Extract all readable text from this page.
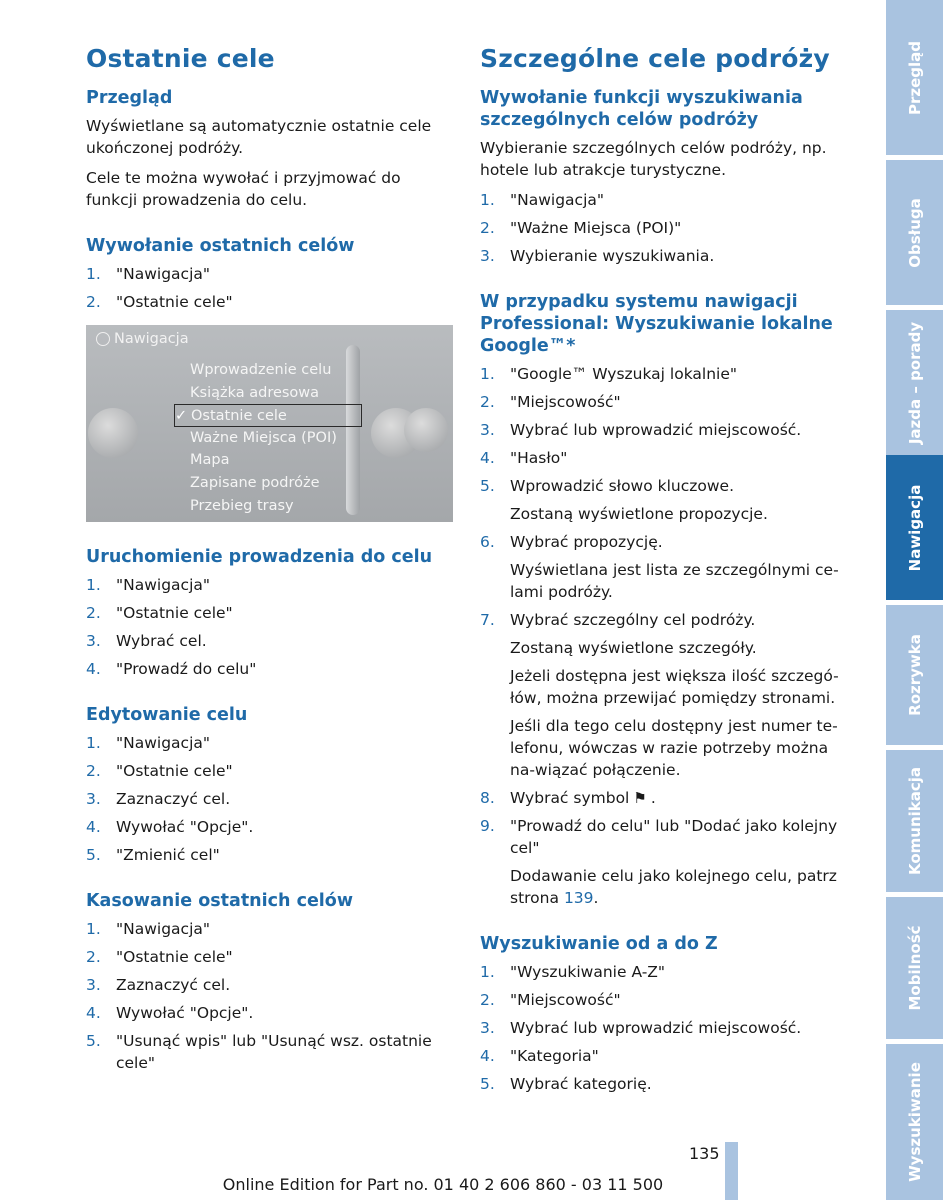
Ostatnie cele
Przegląd

Wyświetlane są automatycznie ostatnie cele ukończonej podróży.

Cele te można wywołać i przyjmować do funkcji prowadzenia do celu.

Wywołanie ostatnich celów
1. "Nawigacja"
2. "Ostatnie cele"
Nawigacja
Wprowadzenie celu
Książka adresowa
✓ Ostatnie cele
Ważne Miejsca (POI)
Mapa
Zapisane podróże
Przebieg trasy
Uruchomienie prowadzenia do celu
1. "Nawigacja"
2. "Ostatnie cele"
3. Wybrać cel.
4. "Prowadź do celu"
Edytowanie celu
1. "Nawigacja"
2. "Ostatnie cele"
3. Zaznaczyć cel.
4. Wywołać "Opcje".
5. "Zmienić cel"
Kasowanie ostatnich celów
1. "Nawigacja"
2. "Ostatnie cele"
3. Zaznaczyć cel.
4. Wywołać "Opcje".
5. "Usunąć wpis" lub "Usunąć wsz. ostatnie cele"
Szczególne cele podróży
Wywołanie funkcji wyszukiwania szczególnych celów podróży

Wybieranie szczególnych celów podróży, np. hotele lub atrakcje turystyczne.

1. "Nawigacja"
2. "Ważne Miejsca (POI)"
3. Wybieranie wyszukiwania.
W przypadku systemu nawigacji Professional: Wyszukiwanie lokalne Google™*
1. "Google™ Wyszukaj lokalnie"
2. "Miejscowość"
3. Wybrać lub wprowadzić miejscowość.
4. "Hasło"
5. Wprowadzić słowo kluczowe.
Zostaną wyświetlone propozycje.
6. Wybrać propozycję.
Wyświetlana jest lista ze szczególnymi ce-lami podróży.
7. Wybrać szczególny cel podróży.
Zostaną wyświetlone szczegóły.
Jeżeli dostępna jest większa ilość szczegó-łów, można przewijać pomiędzy stronami.
Jeśli dla tego celu dostępny jest numer te-lefonu, wówczas w razie potrzeby można na-wiązać połączenie.
8. Wybrać symbol ⚑ .
9. "Prowadź do celu" lub "Dodać jako kolejny cel"
Dodawanie celu jako kolejnego celu, patrz strona 139.
Wyszukiwanie od a do Z
1. "Wyszukiwanie A-Z"
2. "Miejscowość"
3. Wybrać lub wprowadzić miejscowość.
4. "Kategoria"
5. Wybrać kategorię.
Przegląd
Obsługa
Jazda – porady
Nawigacja
Rozrywka
Komunikacja
Mobilność
Wyszukiwanie
135
Online Edition for Part no. 01 40 2 606 860 - 03 11 500
